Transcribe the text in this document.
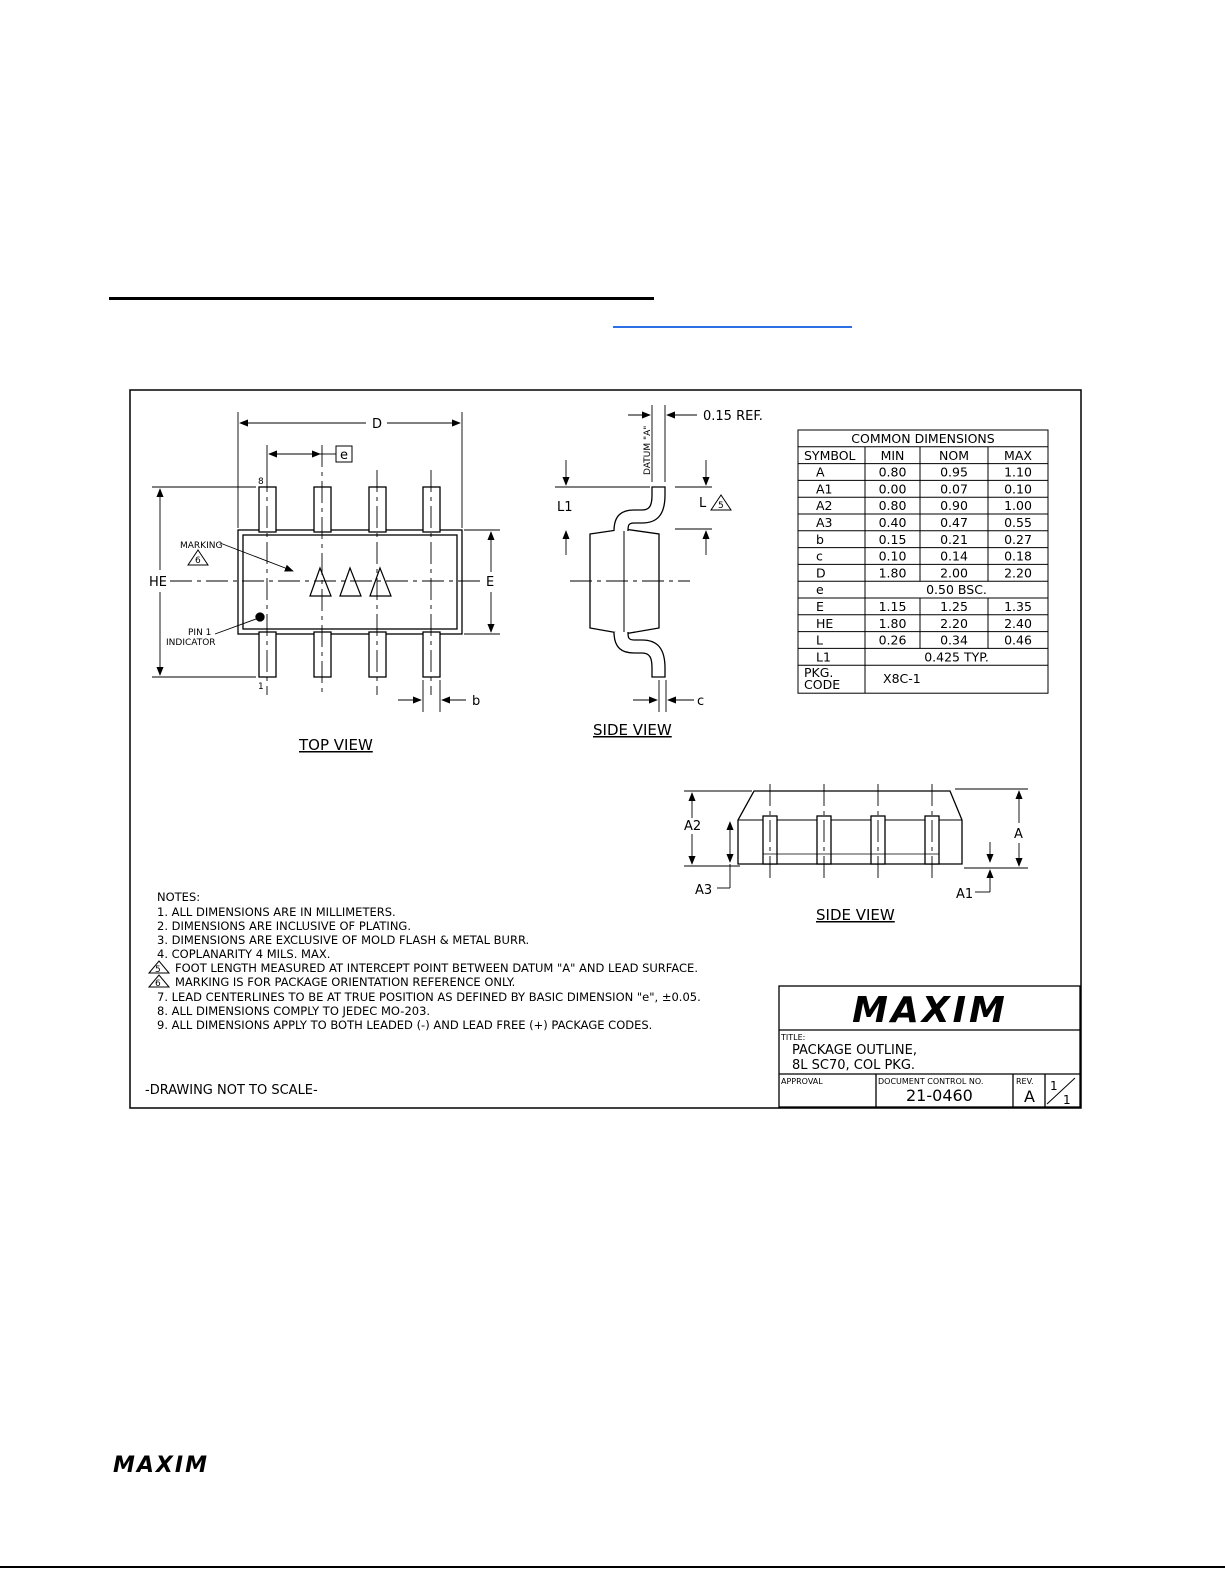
D
e
HE	E
b
8
1
MARKING
6
PIN 1
INDICATOR
TOP VIEW
0.15 REF.
DATUM "A"
L1	L 5
c
SIDE VIEW
COMMON DIMENSIONS
SYMBOL MIN	NOM	MAX
A	0.80	0.95	1.10
A1	0.00	0.07	0.10
A2	0.80	0.90	1.00
A3	0.40	0.47	0.55
b	0.15	0.21	0.27
c	0.10	0.14	0.18
D	1.80	2.00	2.20
e	0.50 BSC.
E	1.15	1.25	1.35
HE	1.80	2.20	2.40
L	0.26	0.34	0.46
L1	0.425 TYP.
PKG.
CODE	X8C-1
A2
A3
A
A1
SIDE VIEW
NOTES:
1. ALL DIMENSIONS ARE IN MILLIMETERS.
2. DIMENSIONS ARE INCLUSIVE OF PLATING.
3. DIMENSIONS ARE EXCLUSIVE OF MOLD FLASH & METAL BURR.
4. COPLANARITY 4 MILS. MAX.
5 FOOT LENGTH MEASURED AT INTERCEPT POINT BETWEEN DATUM "A" AND LEAD SURFACE.
6 MARKING IS FOR PACKAGE ORIENTATION REFERENCE ONLY.
7. LEAD CENTERLINES TO BE AT TRUE POSITION AS DEFINED BY BASIC DIMENSION "e", ±0.05.
8. ALL DIMENSIONS COMPLY TO JEDEC MO-203.
9. ALL DIMENSIONS APPLY TO BOTH LEADED (-) AND LEAD FREE (+) PACKAGE CODES.
-DRAWING NOT TO SCALE-
MAXIM
TITLE:
PACKAGE OUTLINE,
8L SC70, COL PKG.
APPROVAL	DOCUMENT CONTROL NO.
21-0460
REV.
A
1
1
MAXIM
